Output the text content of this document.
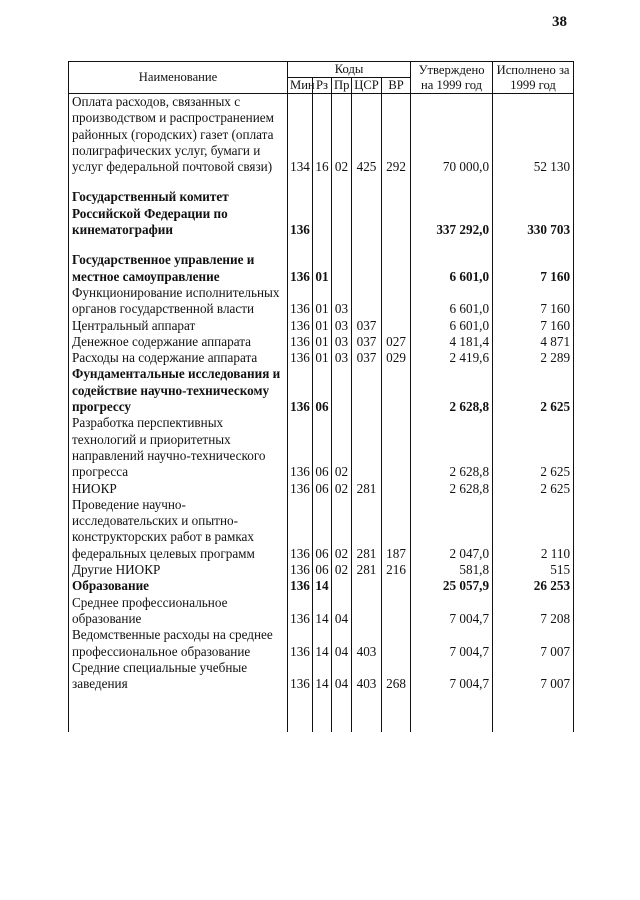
38
Наименование	Коды					Утверждено на 1999 год	Исполнено за 1999 год
	Мин	Рз	Пр	ЦСР	ВР		
Оплата расходов, связанных с производством и распространением районных (городских) газет (оплата полиграфических услуг, бумаги и услуг федеральной почтовой связи)	134	16	02	425	292	70 000,0	52 130
Государственный комитет Российской Федерации по кинематографии	136					337 292,0	330 703
Государственное управление и местное самоуправление	136	01				6 601,0	7 160
Функционирование исполнительных органов государственной власти	136	01	03			6 601,0	7 160
Центральный аппарат	136	01	03	037		6 601,0	7 160
Денежное содержание аппарата	136	01	03	037	027	4 181,4	4 871
Расходы на содержание аппарата	136	01	03	037	029	2 419,6	2 289
Фундаментальные исследования и содействие научно-техническому прогрессу	136	06				2 628,8	2 625
Разработка перспективных технологий и приоритетных направлений научно-технического прогресса	136	06	02			2 628,8	2 625
НИОКР	136	06	02	281		2 628,8	2 625
Проведение научно-исследовательских и опытно-конструкторских работ в рамках федеральных целевых программ	136	06	02	281	187	2 047,0	2 110
Другие НИОКР	136	06	02	281	216	581,8	515
Образование	136	14				25 057,9	26 253
Среднее профессиональное образование	136	14	04			7 004,7	7 208
Ведомственные расходы на среднее профессиональное образование	136	14	04	403		7 004,7	7 007
Средние специальные учебные заведения	136	14	04	403	268	7 004,7	7 007
